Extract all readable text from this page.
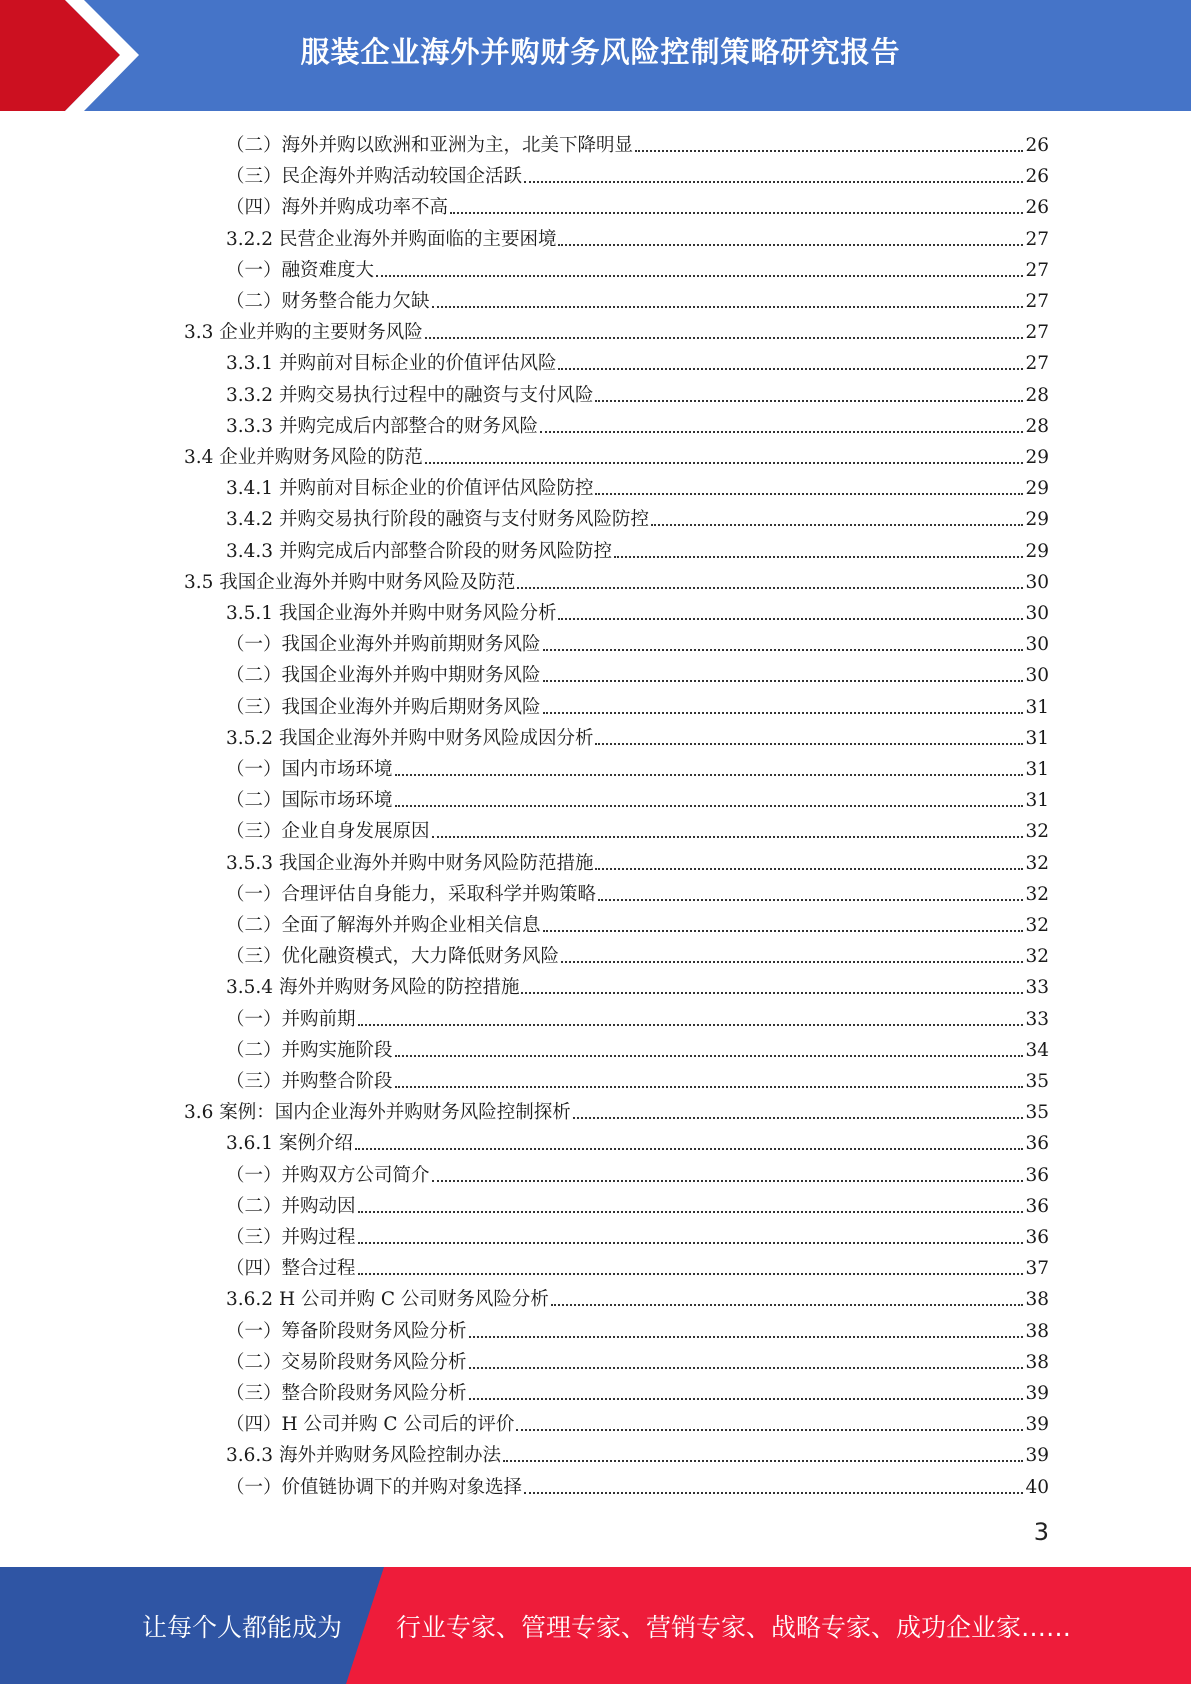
服装企业海外并购财务风险控制策略研究报告
（二）海外并购以欧洲和亚洲为主，北美下降明显	26
（三）民企海外并购活动较国企活跃	26
（四）海外并购成功率不高	26
3.2.2 民营企业海外并购面临的主要困境	27
（一）融资难度大	27
（二）财务整合能力欠缺	27
3.3 企业并购的主要财务风险	27
3.3.1 并购前对目标企业的价值评估风险	27
3.3.2 并购交易执行过程中的融资与支付风险	28
3.3.3 并购完成后内部整合的财务风险	28
3.4 企业并购财务风险的防范	29
3.4.1 并购前对目标企业的价值评估风险防控	29
3.4.2 并购交易执行阶段的融资与支付财务风险防控	29
3.4.3 并购完成后内部整合阶段的财务风险防控	29
3.5 我国企业海外并购中财务风险及防范	30
3.5.1 我国企业海外并购中财务风险分析	30
（一）我国企业海外并购前期财务风险	30
（二）我国企业海外并购中期财务风险	30
（三）我国企业海外并购后期财务风险	31
3.5.2 我国企业海外并购中财务风险成因分析	31
（一）国内市场环境	31
（二）国际市场环境	31
（三）企业自身发展原因	32
3.5.3 我国企业海外并购中财务风险防范措施	32
（一）合理评估自身能力，采取科学并购策略	32
（二）全面了解海外并购企业相关信息	32
（三）优化融资模式，大力降低财务风险	32
3.5.4 海外并购财务风险的防控措施	33
（一）并购前期	33
（二）并购实施阶段	34
（三）并购整合阶段	35
3.6 案例：国内企业海外并购财务风险控制探析	35
3.6.1 案例介绍	36
（一）并购双方公司简介	36
（二）并购动因	36
（三）并购过程	36
（四）整合过程	37
3.6.2 H 公司并购 C 公司财务风险分析	38
（一）筹备阶段财务风险分析	38
（二）交易阶段财务风险分析	38
（三）整合阶段财务风险分析	39
（四）H 公司并购 C 公司后的评价	39
3.6.3 海外并购财务风险控制办法	39
（一）价值链协调下的并购对象选择	40
3
让每个人都能成为 行业专家、管理专家、营销专家、战略专家、成功企业家……
